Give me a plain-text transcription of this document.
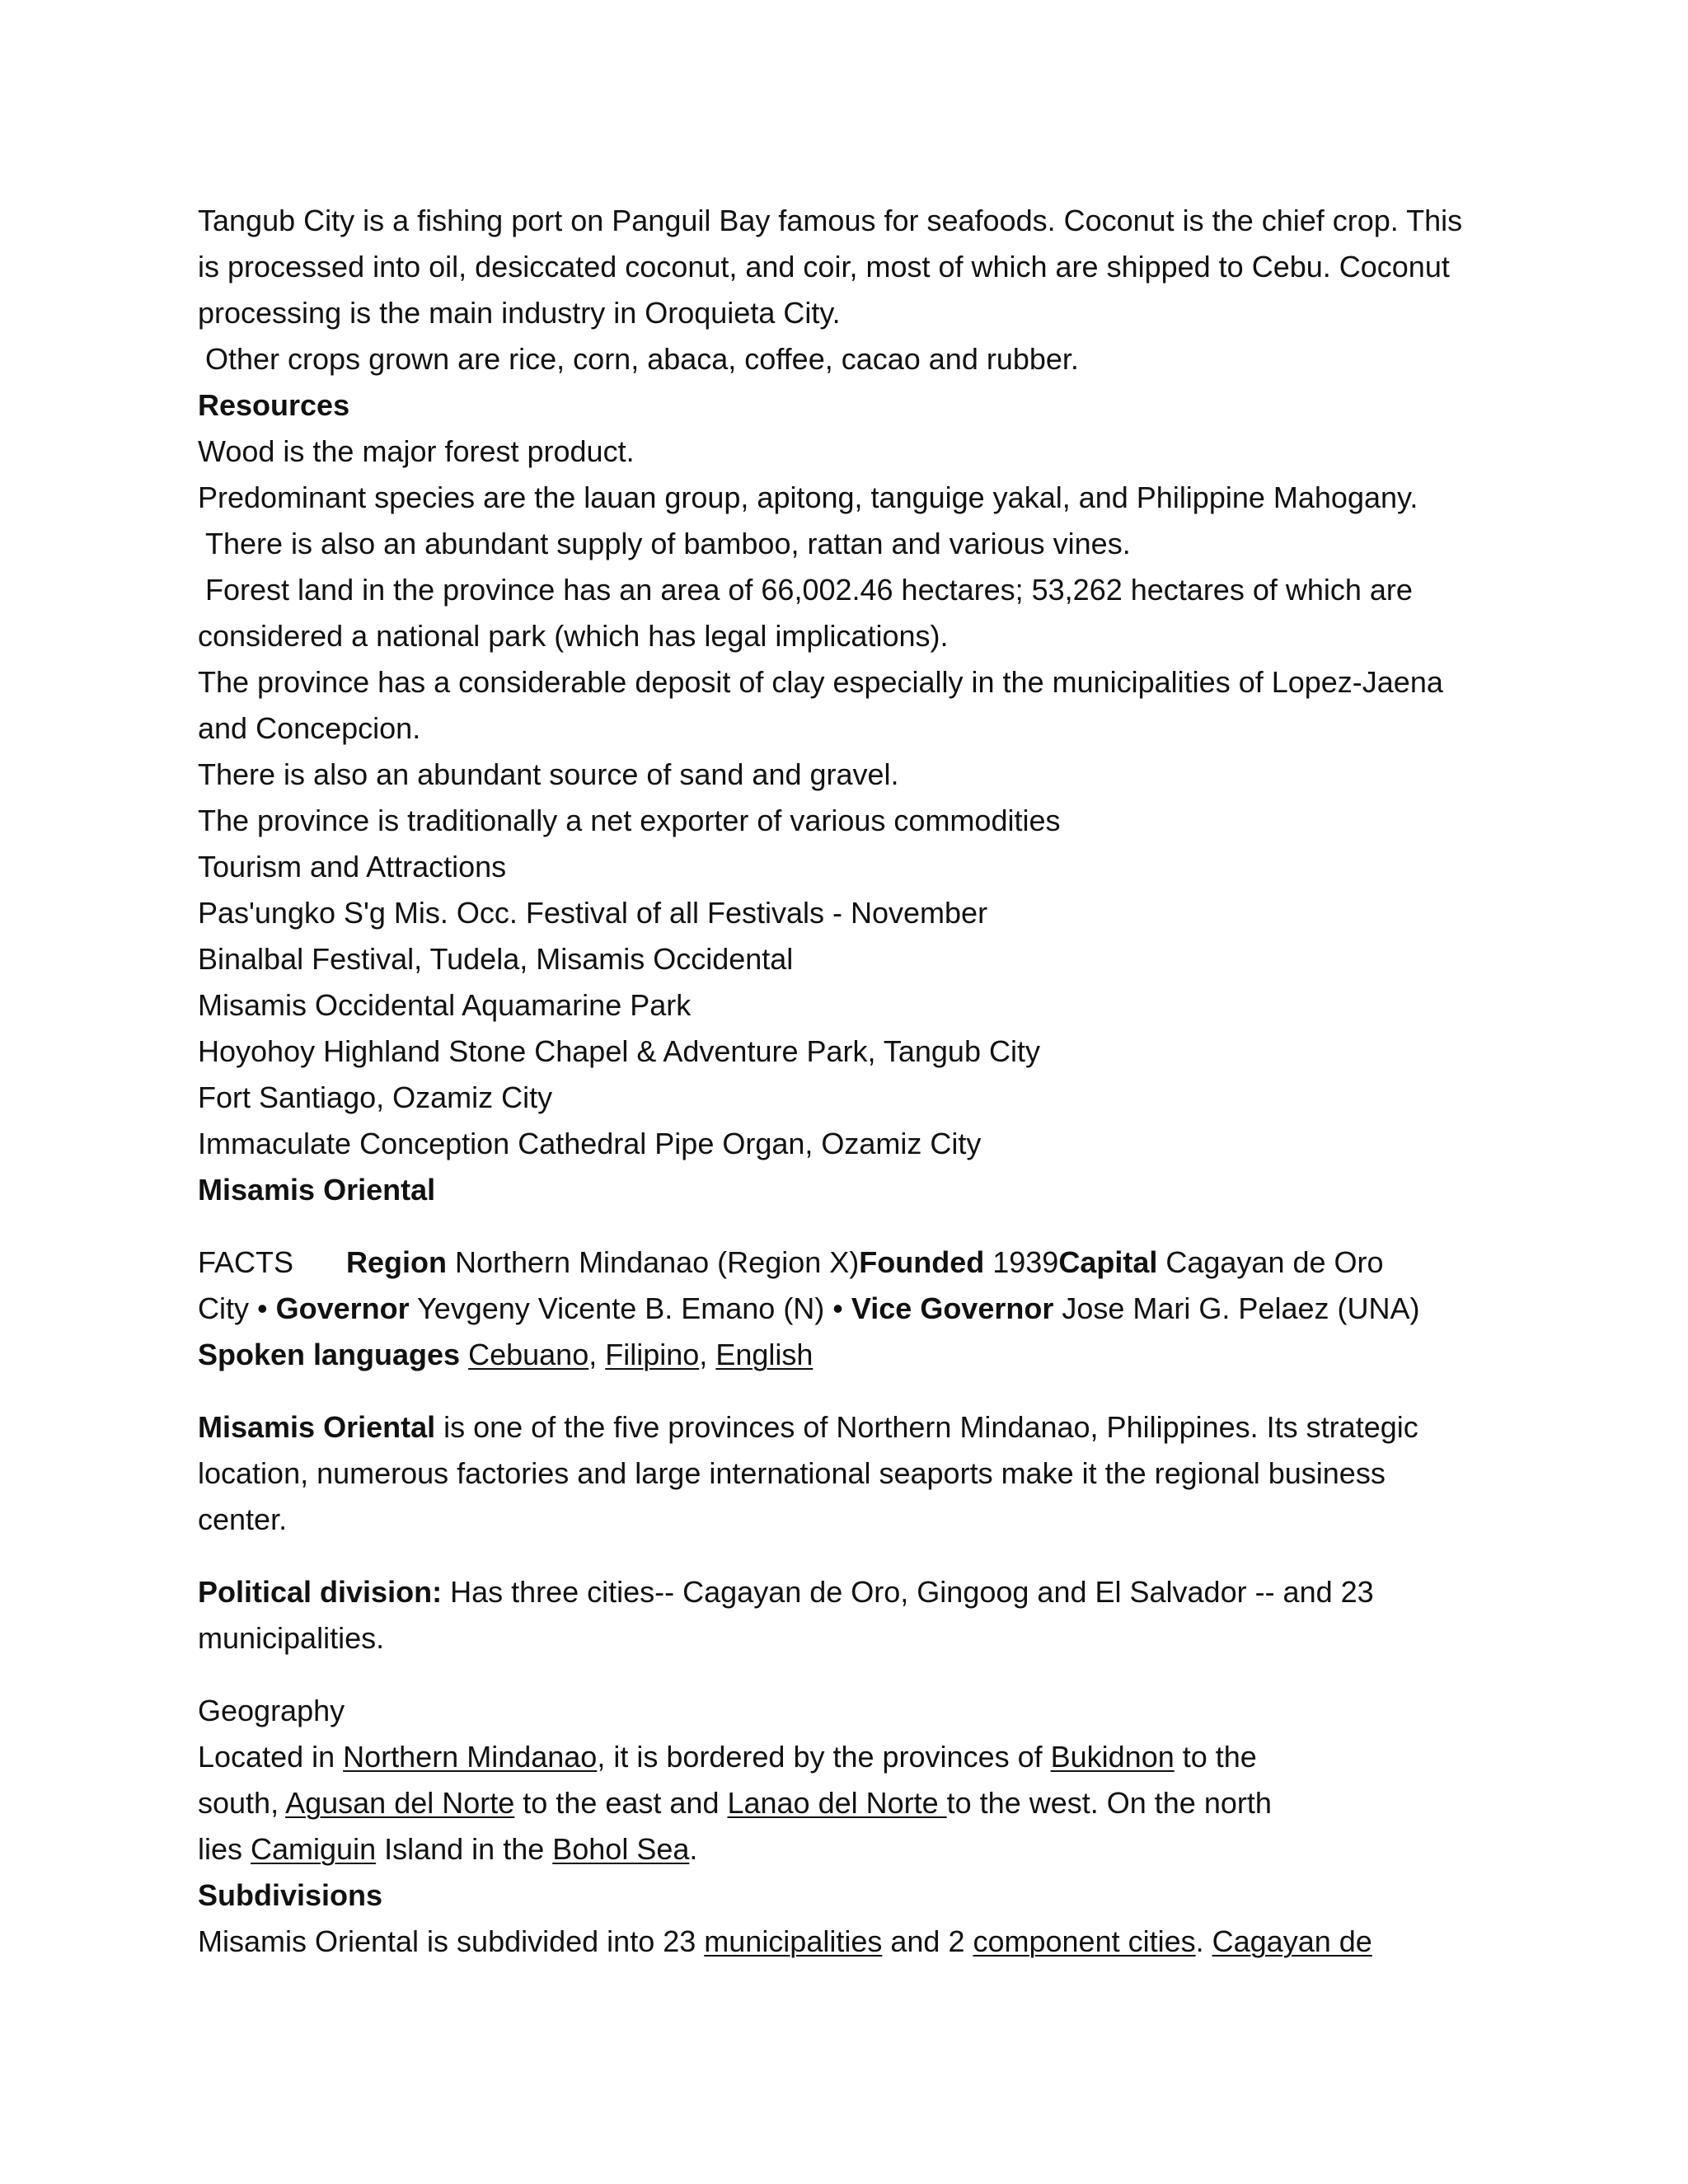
Tangub City is a fishing port on Panguil Bay famous for seafoods. Coconut is the chief crop. This
is processed into oil, desiccated coconut, and coir, most of which are shipped to Cebu. Coconut
processing is the main industry in Oroquieta City.
Other crops grown are rice, corn, abaca, coffee, cacao and rubber.
Resources
Wood is the major forest product.
Predominant species are the lauan group, apitong, tanguige yakal, and Philippine Mahogany.
There is also an abundant supply of bamboo, rattan and various vines.
Forest land in the province has an area of 66,002.46 hectares; 53,262 hectares of which are
considered a national park (which has legal implications).
The province has a considerable deposit of clay especially in the municipalities of Lopez-Jaena
and Concepcion.
There is also an abundant source of sand and gravel.
The province is traditionally a net exporter of various commodities
Tourism and Attractions
Pas'ungko S'g Mis. Occ. Festival of all Festivals - November
Binalbal Festival, Tudela, Misamis Occidental
Misamis Occidental Aquamarine Park
Hoyohoy Highland Stone Chapel & Adventure Park, Tangub City
Fort Santiago, Ozamiz City
Immaculate Conception Cathedral Pipe Organ, Ozamiz City
Misamis Oriental
FACTS Region Northern Mindanao (Region X)Founded 1939Capital Cagayan de Oro
City • Governor Yevgeny Vicente B. Emano (N) • Vice Governor Jose Mari G. Pelaez (UNA)
Spoken languages Cebuano, Filipino, English
Misamis Oriental is one of the five provinces of Northern Mindanao, Philippines. Its strategic
location, numerous factories and large international seaports make it the regional business
center.
Political division: Has three cities-- Cagayan de Oro, Gingoog and El Salvador -- and 23
municipalities.
Geography
Located in Northern Mindanao, it is bordered by the provinces of Bukidnon to the
south, Agusan del Norte to the east and Lanao del Norte to the west. On the north
lies Camiguin Island in the Bohol Sea.
Subdivisions
Misamis Oriental is subdivided into 23 municipalities and 2 component cities. Cagayan de
